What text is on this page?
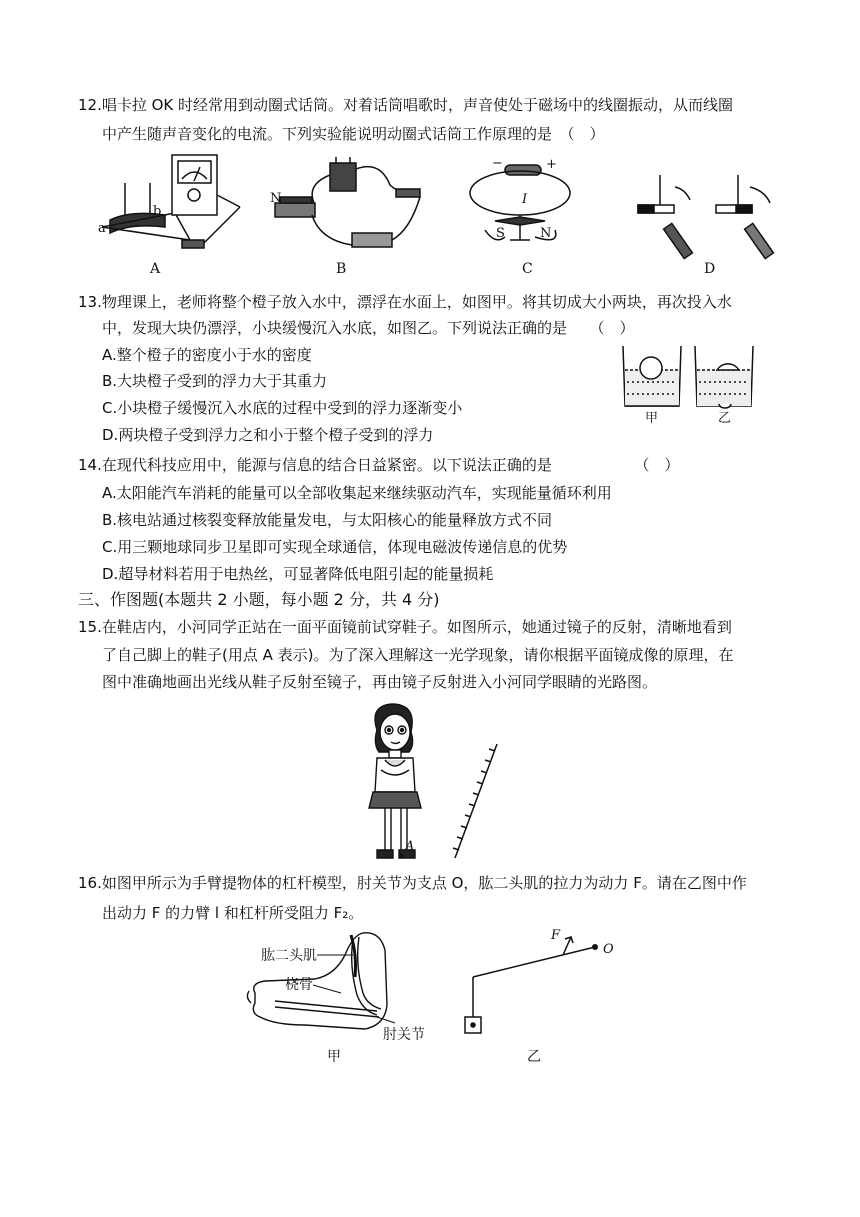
12.唱卡拉 OK 时经常用到动圈式话筒。对着话筒唱歌时，声音使处于磁场中的线圈振动，从而线圈
中产生随声音变化的电流。下列实验能说明动圈式话筒工作原理的是　（　）
a
b
N
−	+
I
S	N
A	B	C	D
13.物理课上，老师将整个橙子放入水中，漂浮在水面上，如图甲。将其切成大小两块，再次投入水
中，发现大块仍漂浮，小块缓慢沉入水底，如图乙。下列说法正确的是　　（　）
A.整个橙子的密度小于水的密度
B.大块橙子受到的浮力大于其重力
C.小块橙子缓慢沉入水底的过程中受到的浮力逐渐变小
D.两块橙子受到浮力之和小于整个橙子受到的浮力
甲	乙
14.在现代科技应用中，能源与信息的结合日益紧密。以下说法正确的是　　　　　　（　）
A.太阳能汽车消耗的能量可以全部收集起来继续驱动汽车，实现能量循环利用
B.核电站通过核裂变释放能量发电，与太阳核心的能量释放方式不同
C.用三颗地球同步卫星即可实现全球通信，体现电磁波传递信息的优势
D.超导材料若用于电热丝，可显著降低电阻引起的能量损耗
三、作图题(本题共 2 小题，每小题 2 分，共 4 分)
15.在鞋店内，小河同学正站在一面平面镜前试穿鞋子。如图所示，她通过镜子的反射，清晰地看到
了自己脚上的鞋子(用点 A 表示)。为了深入理解这一光学现象，请你根据平面镜成像的原理，在
图中准确地画出光线从鞋子反射至镜子，再由镜子反射进入小河同学眼睛的光路图。
A
16.如图甲所示为手臂提物体的杠杆模型，肘关节为支点 O，肱二头肌的拉力为动力 F。请在乙图中作
出动力 F 的力臂 l 和杠杆所受阻力 F₂。
肱二头肌
桡骨
肘关节
甲
F
O
乙
